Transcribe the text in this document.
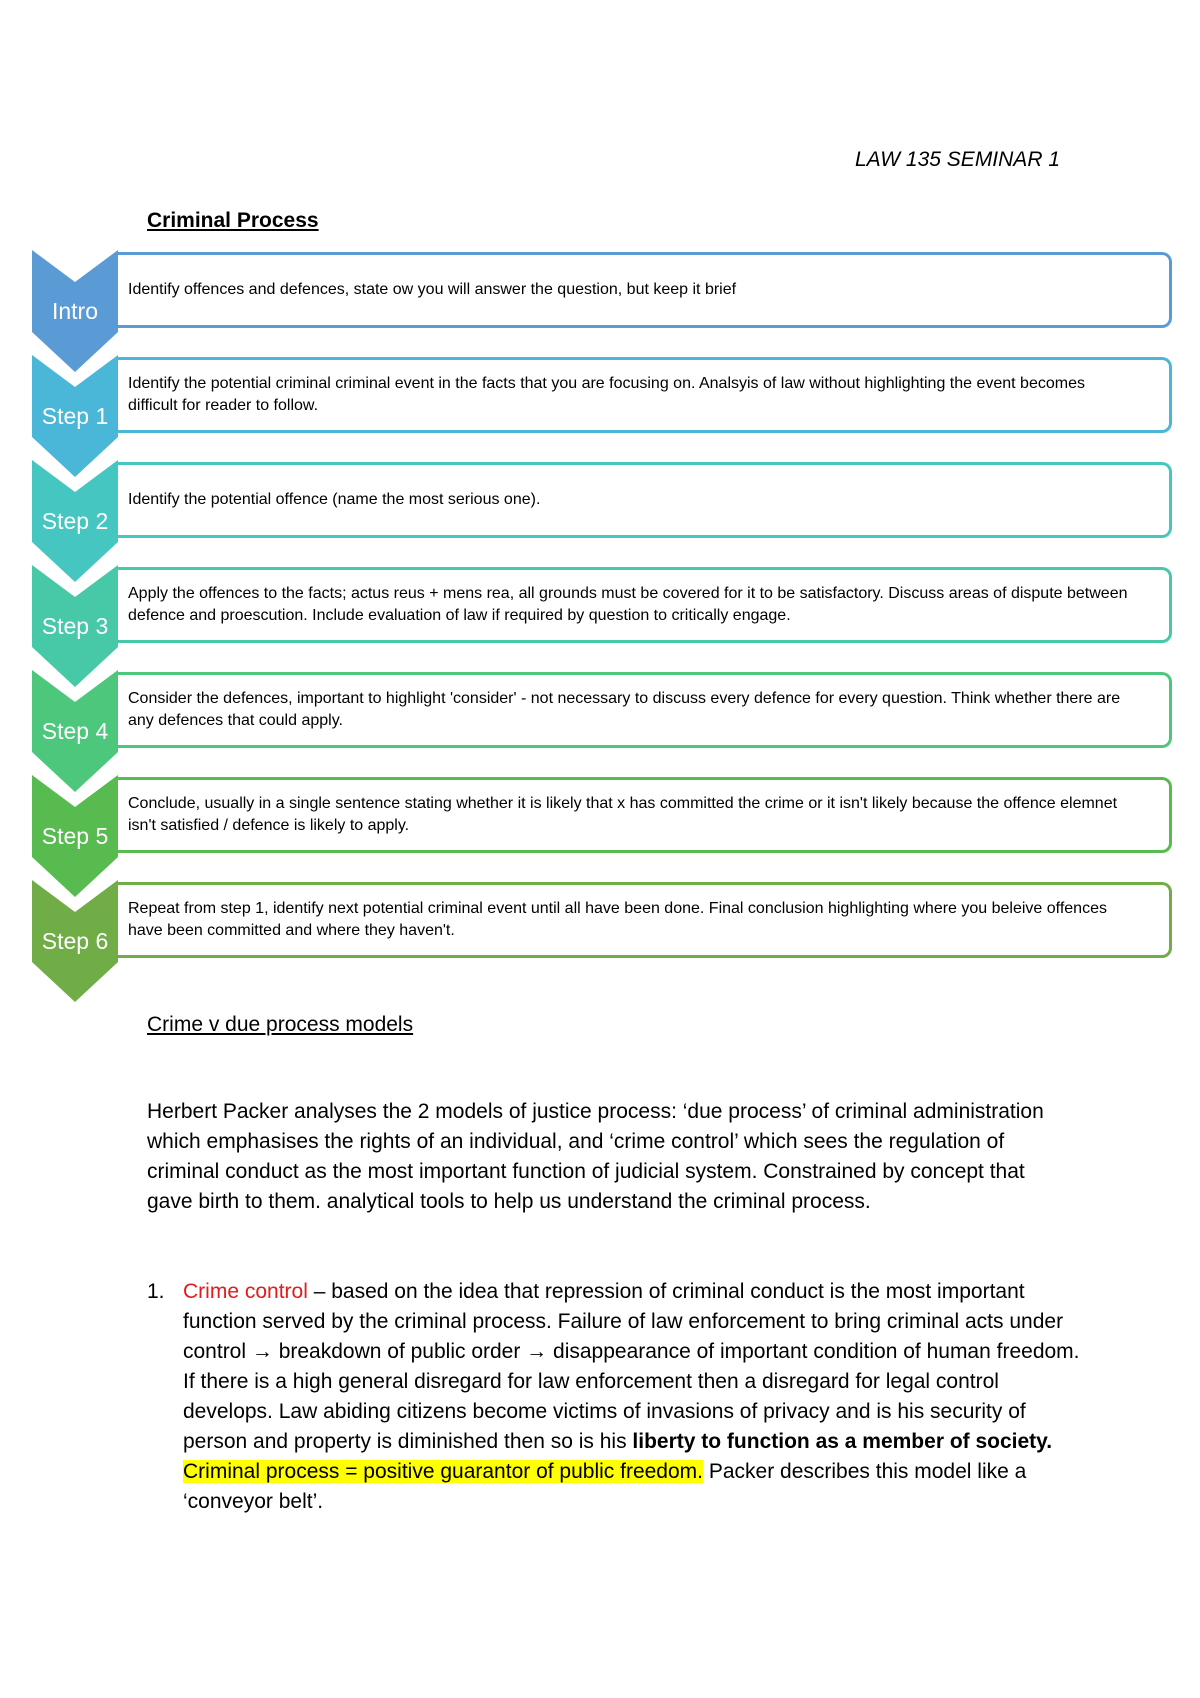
LAW 135 SEMINAR 1
Criminal Process
Intro
Identify offences and defences, state ow you will answer the question, but keep it brief
Step 1
Identify the potential criminal criminal event in the facts that you are focusing on. Analsyis of law without highlighting the event becomes difficult for reader to follow.
Step 2
Identify the potential offence (name the most serious one).
Step 3
Apply the offences to the facts; actus reus + mens rea, all grounds must be covered for it to be satisfactory. Discuss areas of dispute between defence and proescution. Include evaluation of law if required by question to critically engage.
Step 4
Consider the defences, important to highlight 'consider' - not necessary to discuss every defence for every question. Think whether there are any defences that could apply.
Step 5
Conclude, usually in a single sentence stating whether it is likely that x has committed the crime or it isn't likely because the offence elemnet isn't satisfied / defence is likely to apply.
Step 6
Repeat from step 1, identify next potential criminal event until all have been done. Final conclusion highlighting where you beleive offences have been committed and where they haven't.
Crime v due process models
Herbert Packer analyses the 2 models of justice process: ‘due process’ of criminal administration which emphasises the rights of an individual, and ‘crime control’ which sees the regulation of criminal conduct as the most important function of judicial system. Constrained by concept that gave birth to them. analytical tools to help us understand the criminal process.
1. Crime control – based on the idea that repression of criminal conduct is the most important function served by the criminal process. Failure of law enforcement to bring criminal acts under control → breakdown of public order → disappearance of important condition of human freedom. If there is a high general disregard for law enforcement then a disregard for legal control develops. Law abiding citizens become victims of invasions of privacy and is his security of person and property is diminished then so is his liberty to function as a member of society. Criminal process = positive guarantor of public freedom. Packer describes this model like a ‘conveyor belt’.
